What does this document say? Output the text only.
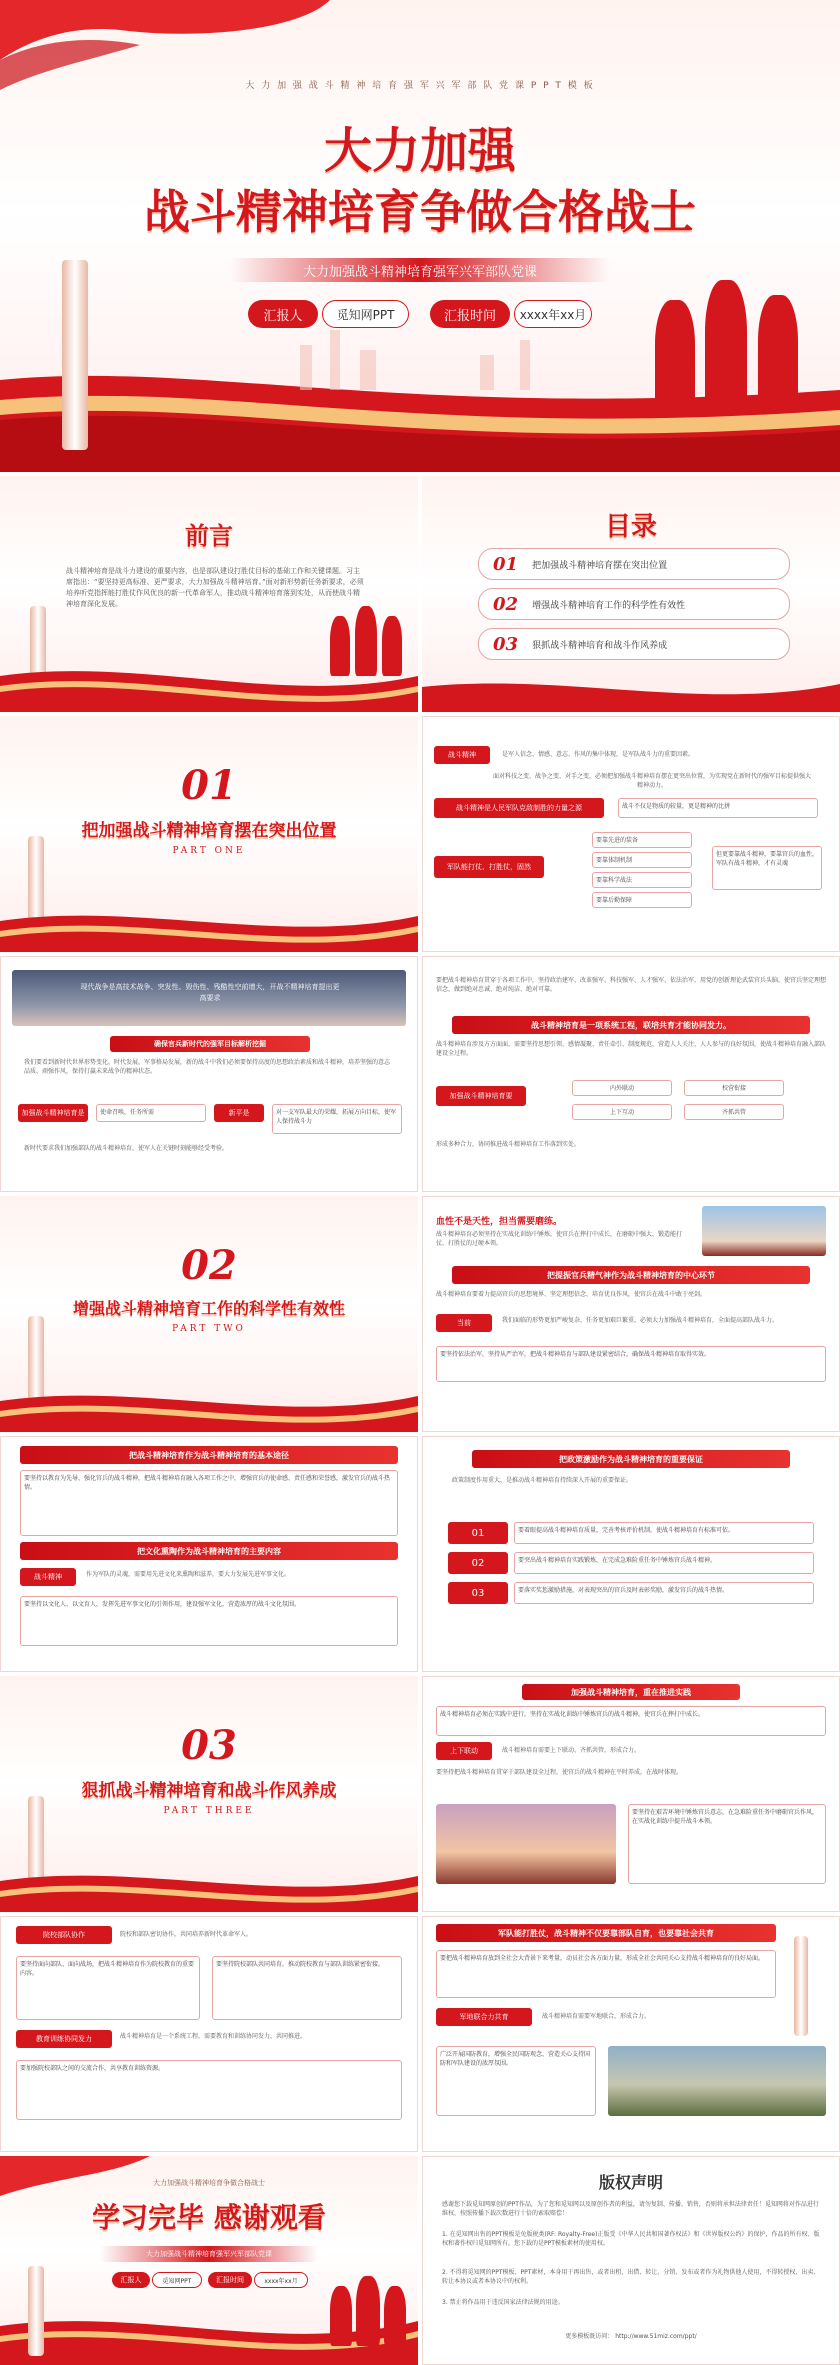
大 力 加 强 战 斗 精 神 培 育 强 军 兴 军 部 队 党 课 P P T 模 板
大力加强
战斗精神培育争做合格战士
大力加强战斗精神培育强军兴军部队党课
汇报人	觅知网PPT	汇报时间	xxxx年xx月
前言
战斗精神培育是战斗力建设的重要内容，也是部队建设打胜仗目标的基础工作和关键课题。习主席指出：“要坚持更高标准、更严要求，大力加强战斗精神培育。”面对新形势新任务新要求，必须培养听党指挥能打胜仗作风优良的新一代革命军人，推动战斗精神培育落到实处，从而使战斗精神培育深化发展。
目录
01 把加强战斗精神培育摆在突出位置
02 增强战斗精神培育工作的科学性有效性
03 狠抓战斗精神培育和战斗作风养成
01
把加强战斗精神培育摆在突出位置
PART ONE
战斗精神	是军人信念、情感、意志、作风的集中体现，是军队战斗力的重要因素。
面对科技之变、战争之变、对手之变，必须把加强战斗精神培育摆在更突出位置，为实现党在新时代的强军目标提供强大精神动力。
战斗精神是人民军队克敌制胜的力量之源	战斗不仅是物质的较量，更是精神的比拼
军队能打仗、打胜仗，固然
要靠先进的装备
要靠体制机制
要靠科学战法
要靠后勤保障
但更要靠战斗精神，要靠官兵的血性，军队有战斗精神，才有灵魂
现代战争是高技术战争、突发性、毁伤性、残酷性空前增大，开战不精神培育提出更高要求
确保官兵新时代的强军目标解析挖掘
我们要看到新时代世界形势变化，时代发展，军事格局发展，新的战斗中我们必须要保持高度的思想政治素质和战斗精神，培养坚强的意志品质、顽强作风，保持打赢未来战争的精神状态。
加强战斗精神培育是	使命召唤，任务所需	新平是	对一支军队最大的荣耀，拓展方向目标，使军人保持战斗力
新时代要求我们加强部队的战斗精神培育，使军人在关键时刻能够经受考验。
要把战斗精神培育贯穿于各项工作中，坚持政治建军、改革强军、科技强军、人才强军、依法治军，用党的创新理论武装官兵头脑，使官兵坚定理想信念，做到绝对忠诚、绝对纯洁、绝对可靠。
战斗精神培育是一项系统工程，联培共育才能协同发力。
战斗精神培育涉及方方面面，需要坚持思想引领、感情凝聚、责任牵引、制度规范，营造人人关注、人人参与的良好氛围，使战斗精神培育融入部队建设全过程。
加强战斗精神培育要
内外联动	校营衔接
上下互动	齐抓共管
形成多种合力，协同推进战斗精神培育工作落到实处。
02
增强战斗精神培育工作的科学性有效性
PART TWO
血性不是天性，担当需要磨练。
战斗精神培育必须坚持在实战化训练中锤炼，使官兵在摔打中成长，在磨砺中强大，锻造能打仗、打胜仗的过硬本领。
把提振官兵精气神作为战斗精神培育的中心环节
战斗精神培育要着力提高官兵的思想境界、坚定理想信念、培育优良作风，使官兵在战斗中敢于亮剑。
当前	我们面临的形势更加严峻复杂，任务更加艰巨繁重，必须大力加强战斗精神培育，全面提高部队战斗力。
要坚持依法治军，坚持从严治军，把战斗精神培育与部队建设紧密结合，确保战斗精神培育取得实效。
把战斗精神培育作为战斗精神培育的基本途径
要坚持以教育为先导，强化官兵的战斗精神，把战斗精神培育融入各项工作之中，增强官兵的使命感、责任感和荣誉感，激发官兵的战斗热情。
把文化熏陶作为战斗精神培育的主要内容
战斗精神	作为军队的灵魂，需要用先进文化来熏陶和滋养，要大力发展先进军事文化。
要坚持以文化人、以文育人，发挥先进军事文化的引领作用，建设强军文化，营造浓厚的战斗文化氛围。
把政策激励作为战斗精神培育的重要保证
政策制度作用重大，是推动战斗精神培育持续深入开展的重要保证。
01	要着眼提高战斗精神培育质量，完善考核评价机制，使战斗精神培育有标准可依。
02	要突出战斗精神培育实践锻炼，在完成急难险重任务中锤炼官兵战斗精神。
03	要落实奖惩激励措施，对表现突出的官兵及时表彰奖励，激发官兵的战斗热情。
03
狠抓战斗精神培育和战斗作风养成
PART THREE
加强战斗精神培育，重在推进实践
战斗精神培育必须在实践中进行，坚持在实战化训练中锤炼官兵的战斗精神，使官兵在摔打中成长。
上下联动	战斗精神培育需要上下联动、齐抓共管，形成合力。
要坚持把战斗精神培育贯穿于部队建设全过程，使官兵的战斗精神在平时养成，在战时体现。
要坚持在艰苦环境中锤炼官兵意志，在急难险重任务中磨砺官兵作风，在实战化训练中提升战斗本领。
院校部队协作	院校和部队密切协作，共同培养新时代革命军人。
要坚持面向部队、面向战场，把战斗精神培育作为院校教育的重要内容。
要坚持院校部队共同培育，推动院校教育与部队训练紧密衔接。
教育训练协同发力	战斗精神培育是一个系统工程，需要教育和训练协同发力，共同推进。
要加强院校部队之间的交流合作，共享教育训练资源。
军队能打胜仗，战斗精神不仅要靠部队自育，也要靠社会共育
要把战斗精神培育放到全社会大背景下来考量，动员社会各方面力量，形成全社会共同关心支持战斗精神培育的良好局面。
军地联合力共育	战斗精神培育需要军地联合，形成合力。
广泛开展国防教育，增强全民国防观念，营造关心支持国防和军队建设的浓厚氛围。
大力加强战斗精神培育争做合格战士
学习完毕 感谢观看
大力加强战斗精神培育强军兴军部队党课
汇报人	觅知网PPT	汇报时间	xxxx年xx月
版权声明
感谢您下载觅知网原创的PPT作品，为了您和觅知网以及原创作者的利益，请勿复制、传播、销售，否则将承担法律责任！觅知网将对作品进行维权，按照传播下载次数进行十倍的索取赔偿！
1. 在觅知网出售的PPT模板是免版税类(RF: Royalty-Free)正版受《中华人民共和国著作权法》和《世界版权公约》的保护，作品的所有权、版权和著作权归觅知网所有，您下载的是PPT模板素材的使用权。
2. 不得将觅知网的PPT模板、PPT素材，本身用于再出售，或者出租、出借、转让、分销、发布或者作为礼物供他人使用，不得转授权、出卖、转让本协议或者本协议中的权利。
3. 禁止将作品用于违反国家法律法规的用途。
更多模板既访问： http://www.51miz.com/ppt/
